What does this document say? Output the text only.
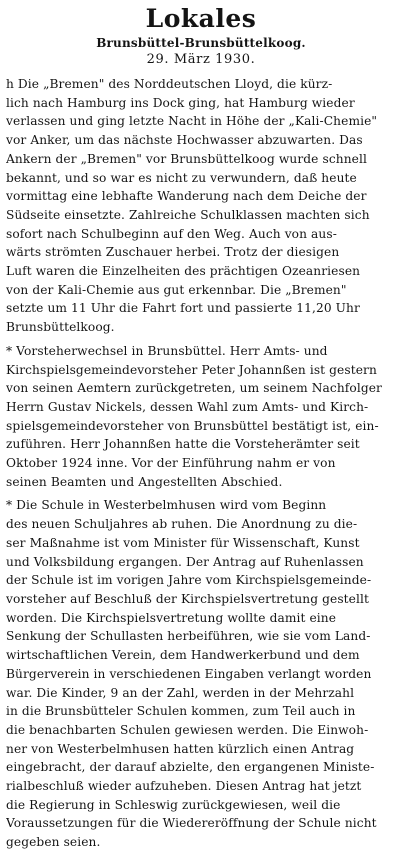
Lokales
Brunsbüttel-Brunsbüttelkoog.
29. März 1930.
h Die „Bremen" des Norddeutschen Lloyd, die kürz-
lich nach Hamburg ins Dock ging, hat Hamburg wieder
verlassen und ging letzte Nacht in Höhe der „Kali-Chemie"
vor Anker, um das nächste Hochwasser abzuwarten. Das
Ankern der „Bremen" vor Brunsbüttelkoog wurde schnell
bekannt, und so war es nicht zu verwundern, daß heute
vormittag eine lebhafte Wanderung nach dem Deiche der
Südseite einsetzte. Zahlreiche Schulklassen machten sich
sofort nach Schulbeginn auf den Weg. Auch von aus-
wärts strömten Zuschauer herbei. Trotz der diesigen
Luft waren die Einzelheiten des prächtigen Ozeanriesen
von der Kali-Chemie aus gut erkennbar. Die „Bremen"
setzte um 11 Uhr die Fahrt fort und passierte 11,20 Uhr
Brunsbüttelkoog.
* Vorsteherwechsel in Brunsbüttel. Herr Amts- und
Kirchspielsgemeindevorsteher Peter Johannßen ist gestern
von seinen Aemtern zurückgetreten, um seinem Nachfolger
Herrn Gustav Nickels, dessen Wahl zum Amts- und Kirch-
spielsgemeindevorsteher von Brunsbüttel bestätigt ist, ein-
zuführen. Herr Johannßen hatte die Vorsteherämter seit
Oktober 1924 inne. Vor der Einführung nahm er von
seinen Beamten und Angestellten Abschied.
* Die Schule in Westerbelmhusen wird vom Beginn
des neuen Schuljahres ab ruhen. Die Anordnung zu die-
ser Maßnahme ist vom Minister für Wissenschaft, Kunst
und Volksbildung ergangen. Der Antrag auf Ruhenlassen
der Schule ist im vorigen Jahre vom Kirchspielsgemeinde-
vorsteher auf Beschluß der Kirchspielsvertretung gestellt
worden. Die Kirchspielsvertretung wollte damit eine
Senkung der Schullasten herbeiführen, wie sie vom Land-
wirtschaftlichen Verein, dem Handwerkerbund und dem
Bürgerverein in verschiedenen Eingaben verlangt worden
war. Die Kinder, 9 an der Zahl, werden in der Mehrzahl
in die Brunsbütteler Schulen kommen, zum Teil auch in
die benachbarten Schulen gewiesen werden. Die Einwoh-
ner von Westerbelmhusen hatten kürzlich einen Antrag
eingebracht, der darauf abzielte, den ergangenen Ministe-
rialbeschluß wieder aufzuheben. Diesen Antrag hat jetzt
die Regierung in Schleswig zurückgewiesen, weil die
Voraussetzungen für die Wiedereröffnung der Schule nicht
gegeben seien.
